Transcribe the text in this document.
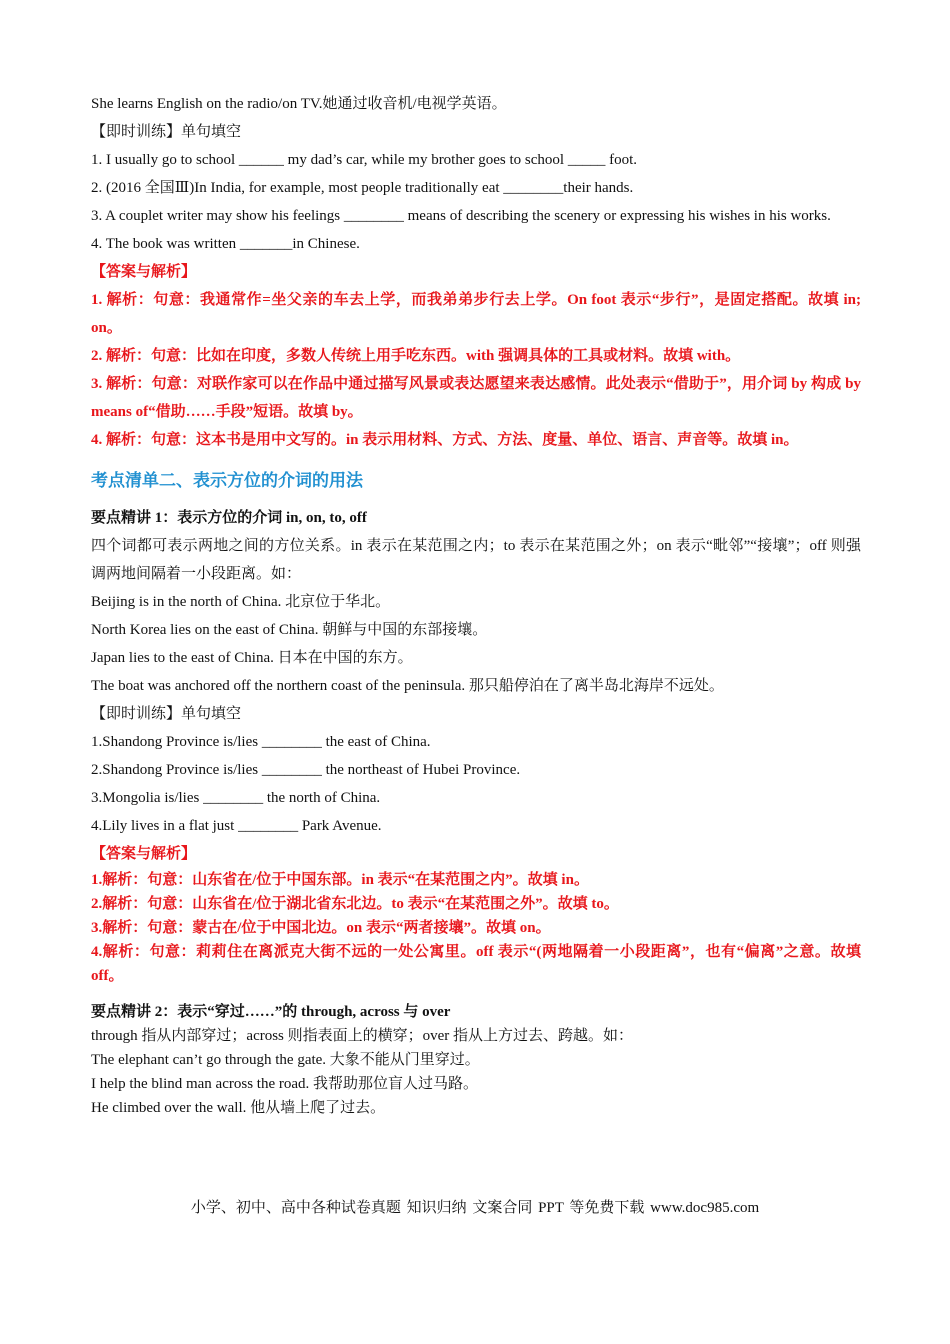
She learns English on the radio/on TV.她通过收音机/电视学英语。
【即时训练】单句填空
1. I usually go to school ______ my dad’s car, while my brother goes to school _____ foot.
2. (2016 全国Ⅲ)In India, for example, most people traditionally eat ________their hands.
3. A couplet writer may show his feelings ________ means of describing the scenery or expressing his wishes in his works.
4. The book was written _______in Chinese.
【答案与解析】
1. 解析：句意：我通常作=坐父亲的车去上学，而我弟弟步行去上学。On foot 表示“步行”，是固定搭配。故填 in; on。
2. 解析：句意：比如在印度，多数人传统上用手吃东西。with 强调具体的工具或材料。故填 with。
3. 解析：句意：对联作家可以在作品中通过描写风景或表达愿望来表达感情。此处表示“借助于”，用介词 by 构成 by means of“借助……手段”短语。故填 by。
4. 解析：句意：这本书是用中文写的。in 表示用材料、方式、方法、度量、单位、语言、声音等。故填 in。
考点清单二、表示方位的介词的用法
要点精讲 1：表示方位的介词 in, on, to, off
四个词都可表示两地之间的方位关系。in 表示在某范围之内；to 表示在某范围之外；on 表示“毗邻”“接壤”；off 则强调两地间隔着一小段距离。如：
Beijing is in the north of China. 北京位于华北。
North Korea lies on the east of China. 朝鲜与中国的东部接壤。
Japan lies to the east of China. 日本在中国的东方。
The boat was anchored off the northern coast of the peninsula. 那只船停泊在了离半岛北海岸不远处。
【即时训练】单句填空
1.Shandong Province is/lies ________ the east of China.
2.Shandong Province is/lies ________ the northeast of Hubei Province.
3.Mongolia is/lies ________ the north of China.
4.Lily lives in a flat just ________ Park Avenue.
【答案与解析】
1.解析：句意：山东省在/位于中国东部。in 表示“在某范围之内”。故填 in。
2.解析：句意：山东省在/位于湖北省东北边。to 表示“在某范围之外”。故填 to。
3.解析：句意：蒙古在/位于中国北边。on 表示“两者接壤”。故填 on。
4.解析：句意：莉莉住在离派克大街不远的一处公寓里。off 表示“(两地隔着一小段距离”，也有“偏离”之意。故填 off。
要点精讲 2：表示“穿过……”的 through, across 与 over
through 指从内部穿过；across 则指表面上的横穿；over 指从上方过去、跨越。如：
The elephant can’t go through the gate. 大象不能从门里穿过。
I help the blind man across the road. 我帮助那位盲人过马路。
He climbed over the wall. 他从墙上爬了过去。
小学、初中、高中各种试卷真题 知识归纳 文案合同 PPT 等免费下载 www.doc985.com
